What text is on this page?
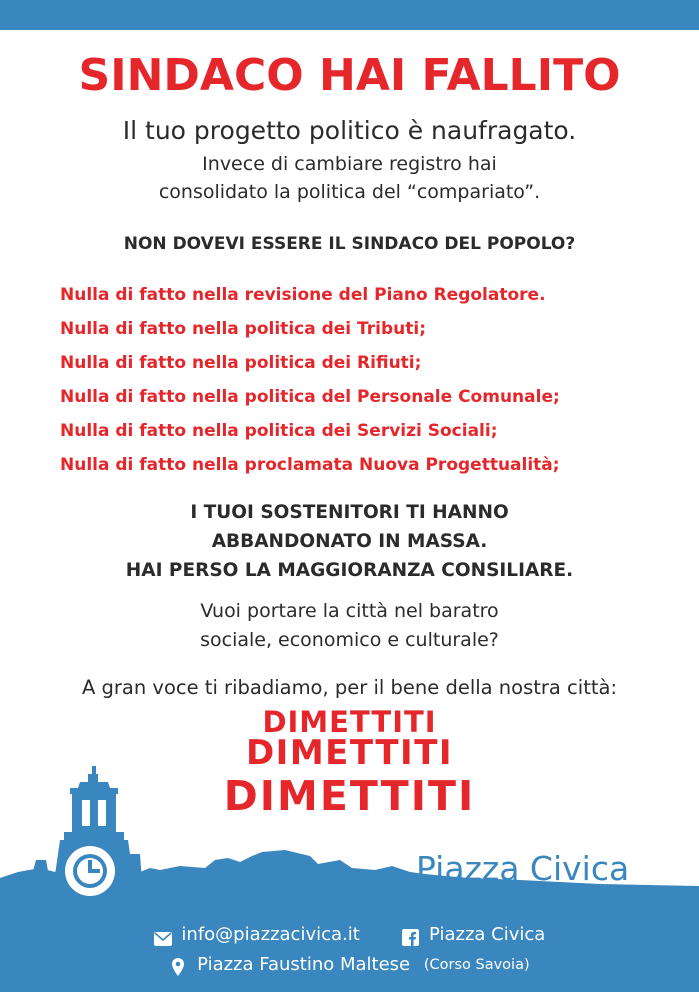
SINDACO HAI FALLITO
Il tuo progetto politico è naufragato.
Invece di cambiare registro hai
consolidato la politica del “compariato”.
NON DOVEVI ESSERE IL SINDACO DEL POPOLO?
Nulla di fatto nella revisione del Piano Regolatore.
Nulla di fatto nella politica dei Tributi;
Nulla di fatto nella politica dei Rifiuti;
Nulla di fatto nella politica del Personale Comunale;
Nulla di fatto nella politica dei Servizi Sociali;
Nulla di fatto nella proclamata Nuova Progettualità;
I TUOI SOSTENITORI TI HANNO
ABBANDONATO IN MASSA.
HAI PERSO LA MAGGIORANZA CONSILIARE.
Vuoi portare la città nel baratro
sociale, economico e culturale?
A gran voce ti ribadiamo, per il bene della nostra città:
DIMETTITI
DIMETTITI
DIMETTITI
Piazza Civica
info@piazzacivica.it	Piazza Civica
Piazza Faustino Maltese (Corso Savoia)
